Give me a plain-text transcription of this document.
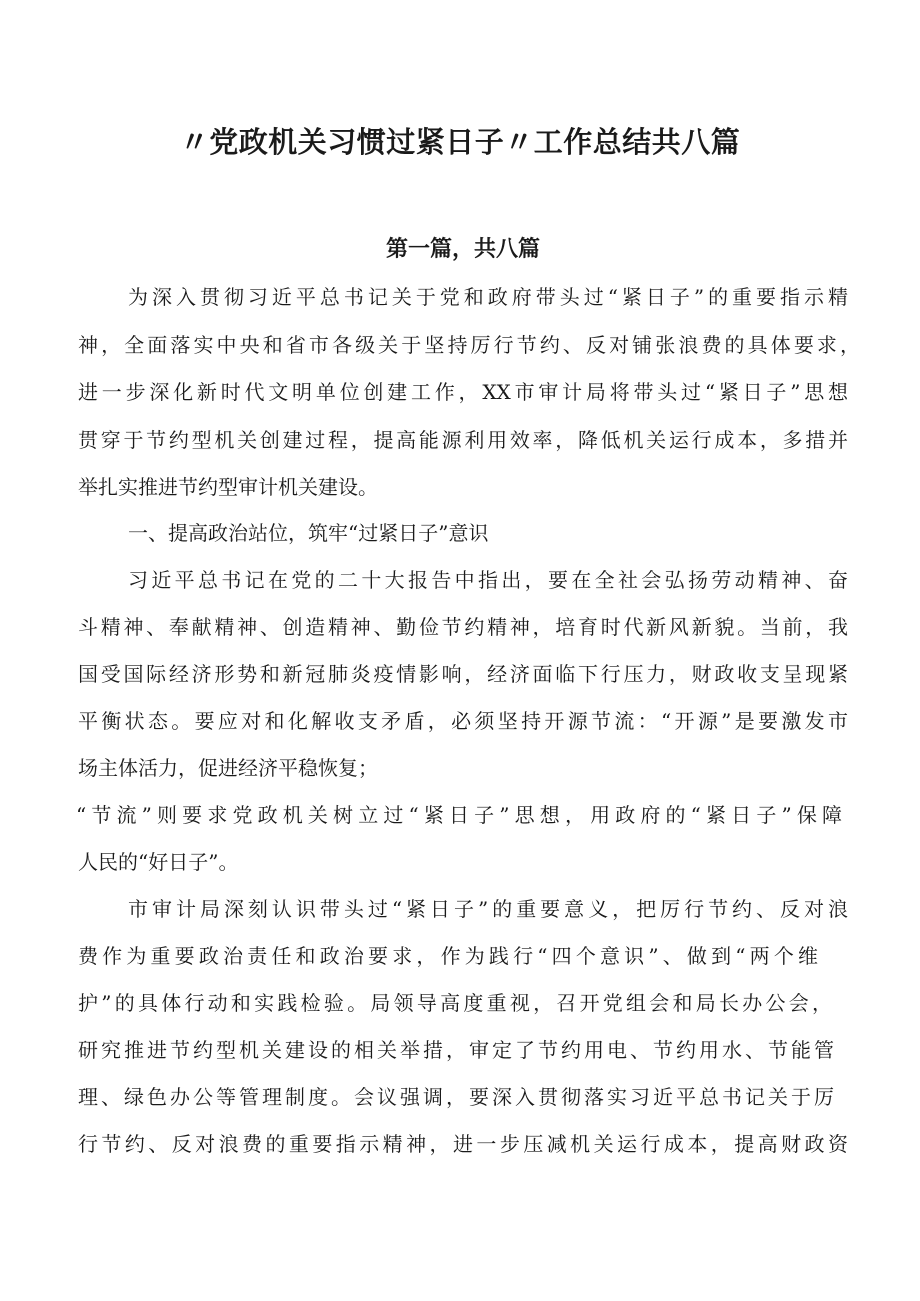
〃党政机关习惯过紧日子〃工作总结共八篇
第一篇，共八篇

为深入贯彻习近平总书记关于党和政府带头过“紧日子”的重要指示精

神，全面落实中央和省市各级关于坚持厉行节约、反对铺张浪费的具体要求，

进一步深化新时代文明单位创建工作，XX市审计局将带头过“紧日子”思想

贯穿于节约型机关创建过程，提高能源利用效率，降低机关运行成本，多措并

举扎实推进节约型审计机关建设。

一、提高政治站位，筑牢“过紧日子”意识

习近平总书记在党的二十大报告中指出，要在全社会弘扬劳动精神、奋

斗精神、奉献精神、创造精神、勤俭节约精神，培育时代新风新貌。当前，我

国受国际经济形势和新冠肺炎疫情影响，经济面临下行压力，财政收支呈现紧

平衡状态。要应对和化解收支矛盾，必须坚持开源节流：“开源”是要激发市

场主体活力，促进经济平稳恢复；

“节流”则要求党政机关树立过“紧日子”思想，用政府的“紧日子”保障

人民的“好日子”。

市审计局深刻认识带头过“紧日子”的重要意义，把厉行节约、反对浪

费作为重要政治责任和政治要求，作为践行“四个意识”、做到“两个维

护”的具体行动和实践检验。局领导高度重视，召开党组会和局长办公会，

研究推进节约型机关建设的相关举措，审定了节约用电、节约用水、节能管

理、绿色办公等管理制度。会议强调，要深入贯彻落实习近平总书记关于厉

行节约、反对浪费的重要指示精神，进一步压减机关运行成本，提高财政资
